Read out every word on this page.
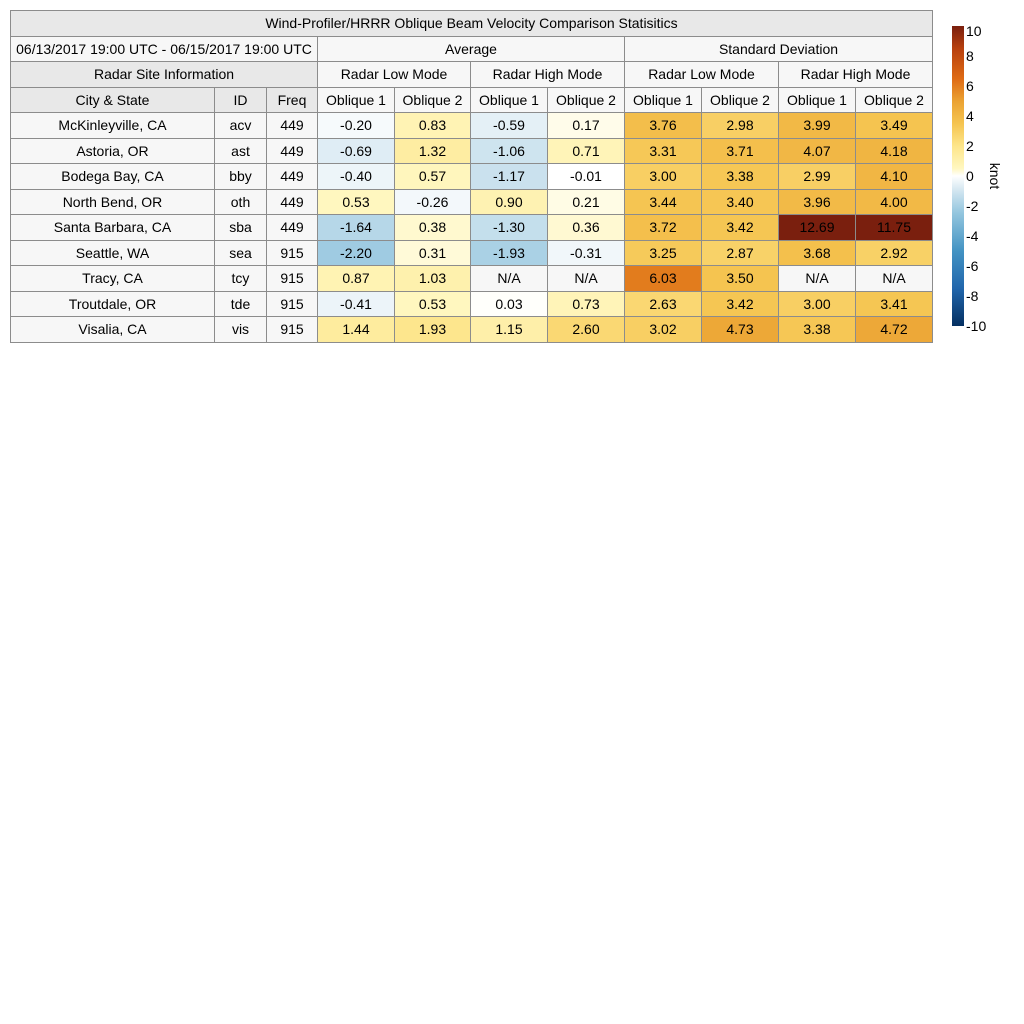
Wind-Profiler/HRRR Oblique Beam Velocity Comparison Statisitics										
06/13/2017 19:00 UTC - 06/15/2017 19:00 UTC			Average				Standard Deviation			
Radar Site Information			Radar Low Mode		Radar High Mode		Radar Low Mode		Radar High Mode	
City & State	ID	Freq	Oblique 1	Oblique 2	Oblique 1	Oblique 2	Oblique 1	Oblique 2	Oblique 1	Oblique 2
McKinleyville, CA	acv	449	-0.20	0.83	-0.59	0.17	3.76	2.98	3.99	3.49
Astoria, OR	ast	449	-0.69	1.32	-1.06	0.71	3.31	3.71	4.07	4.18
Bodega Bay, CA	bby	449	-0.40	0.57	-1.17	-0.01	3.00	3.38	2.99	4.10
North Bend, OR	oth	449	0.53	-0.26	0.90	0.21	3.44	3.40	3.96	4.00
Santa Barbara, CA	sba	449	-1.64	0.38	-1.30	0.36	3.72	3.42	12.69	11.75
Seattle, WA	sea	915	-2.20	0.31	-1.93	-0.31	3.25	2.87	3.68	2.92
Tracy, CA	tcy	915	0.87	1.03	N/A	N/A	6.03	3.50	N/A	N/A
Troutdale, OR	tde	915	-0.41	0.53	0.03	0.73	2.63	3.42	3.00	3.41
Visalia, CA	vis	915	1.44	1.93	1.15	2.60	3.02	4.73	3.38	4.72
10
8
6
4
2
0
-2
-4
-6
-8
-10
knot
